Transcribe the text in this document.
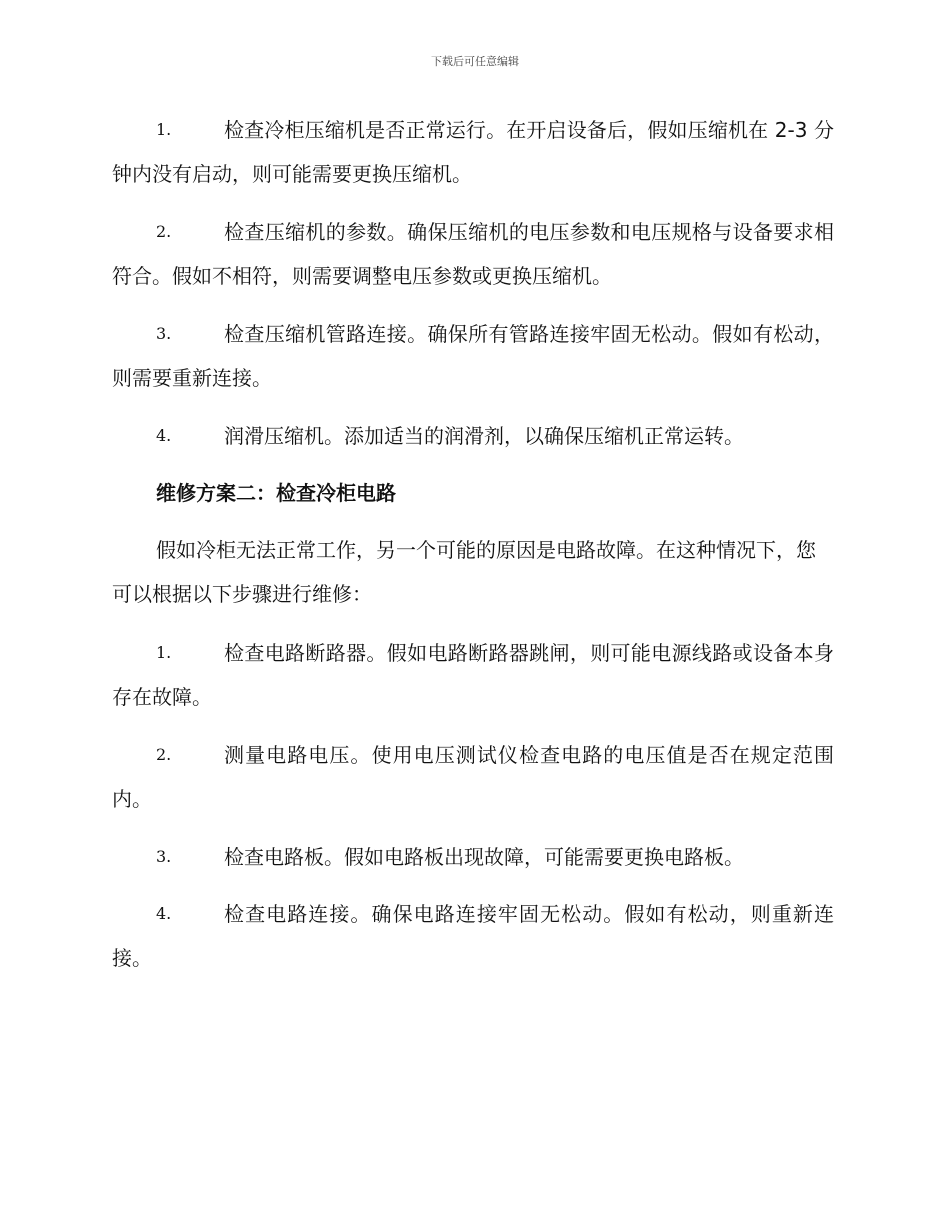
下载后可任意编辑
1.	检查冷柜压缩机是否正常运行。在开启设备后，假如压缩机在 2-3 分钟内没有启动，则可能需要更换压缩机。
2.	检查压缩机的参数。确保压缩机的电压参数和电压规格与设备要求相符合。假如不相符，则需要调整电压参数或更换压缩机。
3.	检查压缩机管路连接。确保所有管路连接牢固无松动。假如有松动，则需要重新连接。
4.	润滑压缩机。添加适当的润滑剂，以确保压缩机正常运转。
维修方案二：检查冷柜电路
假如冷柜无法正常工作，另一个可能的原因是电路故障。在这种情况下，您可以根据以下步骤进行维修：
1.	检查电路断路器。假如电路断路器跳闸，则可能电源线路或设备本身存在故障。
2.	测量电路电压。使用电压测试仪检查电路的电压值是否在规定范围内。
3.	检查电路板。假如电路板出现故障，可能需要更换电路板。
4.	检查电路连接。确保电路连接牢固无松动。假如有松动，则重新连接。
